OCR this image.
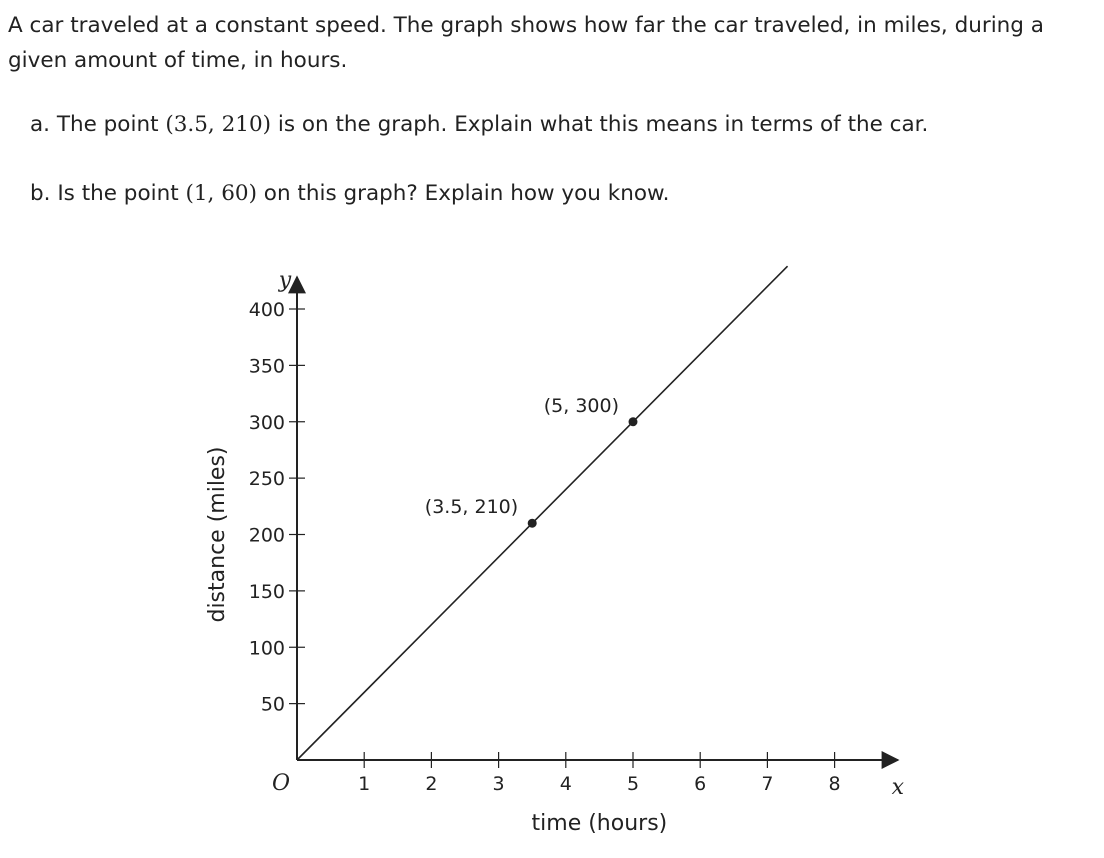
A car traveled at a constant speed. The graph shows how far the car traveled, in miles, during a given amount of time, in hours.
a. The point (3.5, 210) is on the graph. Explain what this means in terms of the car.
b. Is the point (1, 60) on this graph? Explain how you know.
1	2	3	4	5	6	7	8
50
100
150
200
250
300
350
400
O	x
y
time (hours)
distance (miles)	(3.5, 210)
(5, 300)
